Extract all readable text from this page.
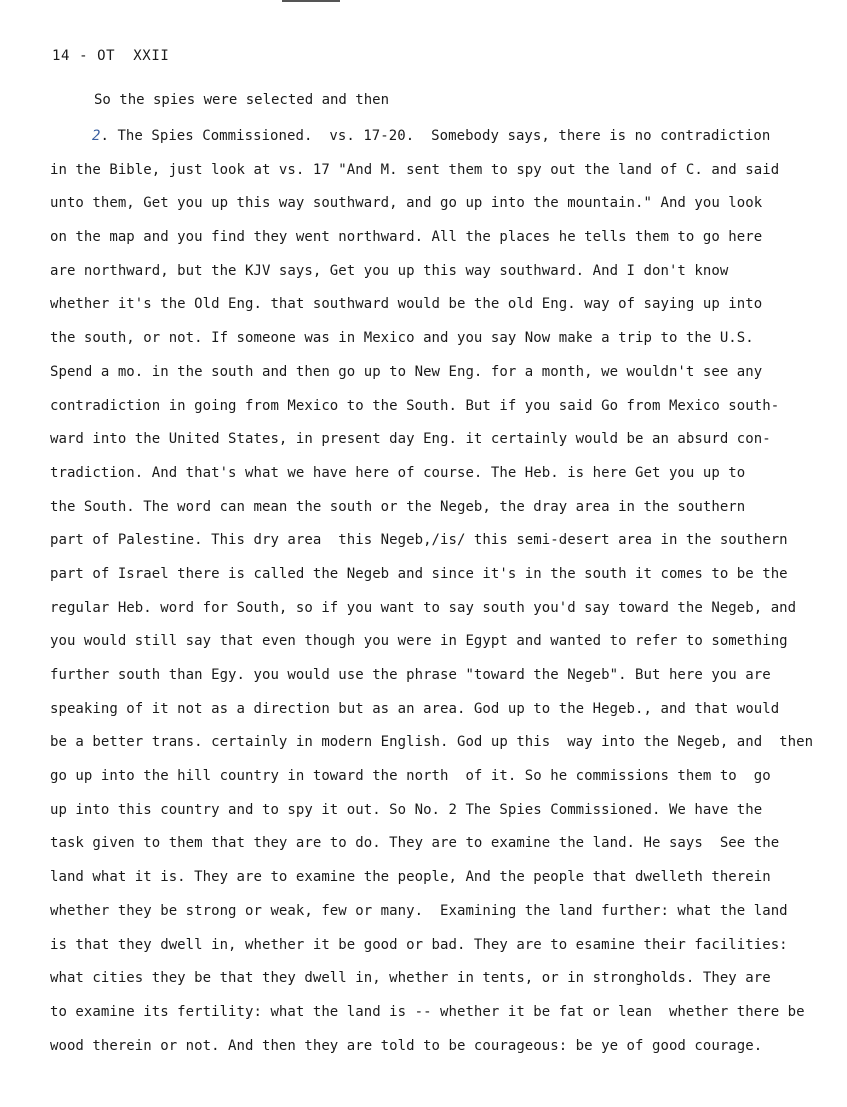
14 - OT  XXII
So the spies were selected and then
2. The Spies Commissioned.  vs. 17-20.  Somebody says, there is no contradiction
in the Bible, just look at vs. 17 "And M. sent them to spy out the land of C. and said
unto them, Get you up this way southward, and go up into the mountain." And you look
on the map and you find they went northward. All the places he tells them to go here
are northward, but the KJV says, Get you up this way southward. And I don't know
whether it's the Old Eng. that southward would be the old Eng. way of saying up into
the south, or not. If someone was in Mexico and you say Now make a trip to the U.S.
Spend a mo. in the south and then go up to New Eng. for a month, we wouldn't see any
contradiction in going from Mexico to the South. But if you said Go from Mexico south-
ward into the United States, in present day Eng. it certainly would be an absurd con-
tradiction. And that's what we have here of course. The Heb. is here Get you up to
the South. The word can mean the south or the Negeb, the dray area in the southern
part of Palestine. This dry area  this Negeb,/is/ this semi-desert area in the southern
part of Israel there is called the Negeb and since it's in the south it comes to be the
regular Heb. word for South, so if you want to say south you'd say toward the Negeb, and
you would still say that even though you were in Egypt and wanted to refer to something
further south than Egy. you would use the phrase "toward the Negeb". But here you are
speaking of it not as a direction but as an area. God up to the Hegeb., and that would
be a better trans. certainly in modern English. God up this  way into the Negeb, and  then
go up into the hill country in toward the north  of it. So he commissions them to  go
up into this country and to spy it out. So No. 2 The Spies Commissioned. We have the
task given to them that they are to do. They are to examine the land. He says  See the
land what it is. They are to examine the people, And the people that dwelleth therein
whether they be strong or weak, few or many.  Examining the land further: what the land
is that they dwell in, whether it be good or bad. They are to esamine their facilities:
what cities they be that they dwell in, whether in tents, or in strongholds. They are
to examine its fertility: what the land is -- whether it be fat or lean  whether there be
wood therein or not. And then they are told to be courageous: be ye of good courage.
